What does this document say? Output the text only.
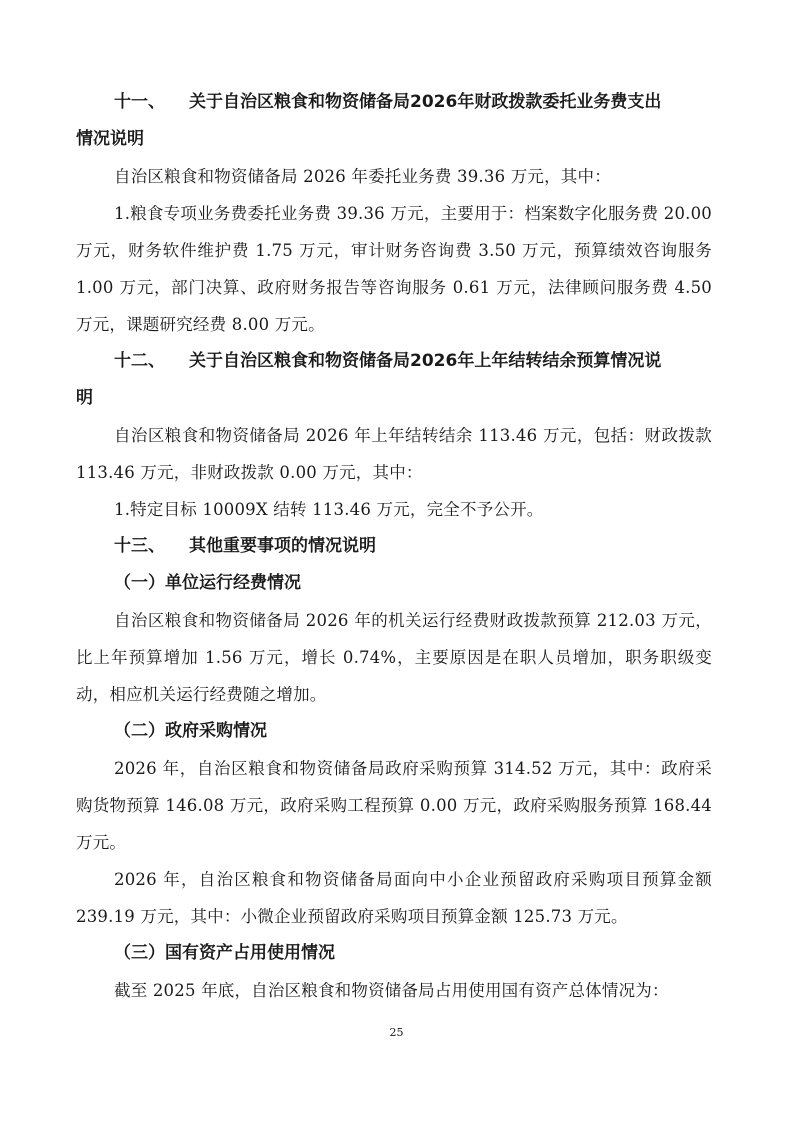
十一、 关于自治区粮食和物资储备局2026年财政拨款委托业务费支出

情况说明

自治区粮食和物资储备局 2026 年委托业务费 39.36 万元，其中：

1.粮食专项业务费委托业务费 39.36 万元，主要用于：档案数字化服务费 20.00 万元，财务软件维护费 1.75 万元，审计财务咨询费 3.50 万元，预算绩效咨询服务 1.00 万元，部门决算、政府财务报告等咨询服务 0.61 万元，法律顾问服务费 4.50 万元，课题研究经费 8.00 万元。

十二、 关于自治区粮食和物资储备局2026年上年结转结余预算情况说

明

自治区粮食和物资储备局 2026 年上年结转结余 113.46 万元，包括：财政拨款 113.46 万元，非财政拨款 0.00 万元，其中：

1.特定目标 10009X 结转 113.46 万元，完全不予公开。

十三、 其他重要事项的情况说明

（一）单位运行经费情况

自治区粮食和物资储备局 2026 年的机关运行经费财政拨款预算 212.03 万元，比上年预算增加 1.56 万元，增长 0.74%，主要原因是在职人员增加，职务职级变动，相应机关运行经费随之增加。

（二）政府采购情况

2026 年，自治区粮食和物资储备局政府采购预算 314.52 万元，其中：政府采购货物预算 146.08 万元，政府采购工程预算 0.00 万元，政府采购服务预算 168.44 万元。

2026 年，自治区粮食和物资储备局面向中小企业预留政府采购项目预算金额 239.19 万元，其中：小微企业预留政府采购项目预算金额 125.73 万元。

（三）国有资产占用使用情况

截至 2025 年底，自治区粮食和物资储备局占用使用国有资产总体情况为：

25
